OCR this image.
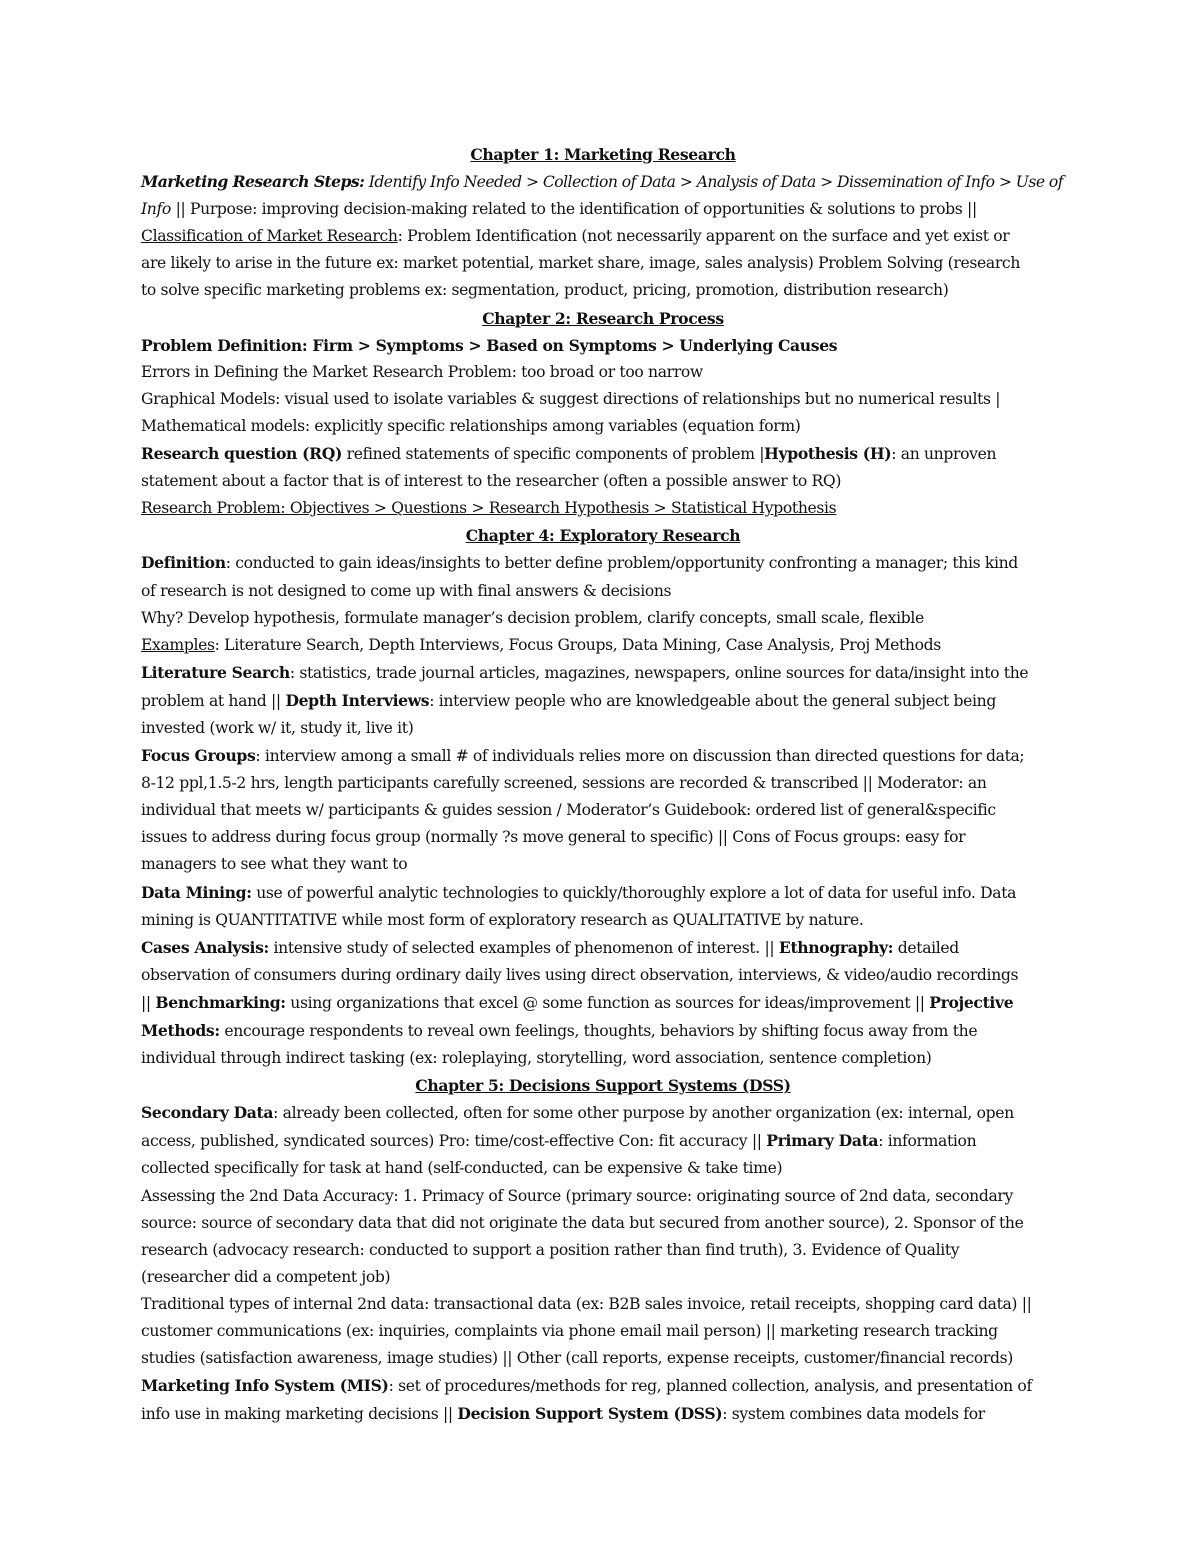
Chapter 1: Marketing Research
Marketing Research Steps: Identify Info Needed > Collection of Data > Analysis of Data > Dissemination of Info > Use of
Info || Purpose: improving decision-making related to the identification of opportunities & solutions to probs ||
Classification of Market Research: Problem Identification (not necessarily apparent on the surface and yet exist or
are likely to arise in the future ex: market potential, market share, image, sales analysis) Problem Solving (research
to solve specific marketing problems ex: segmentation, product, pricing, promotion, distribution research)
Chapter 2: Research Process
Problem Definition: Firm > Symptoms > Based on Symptoms > Underlying Causes
Errors in Defining the Market Research Problem: too broad or too narrow
Graphical Models: visual used to isolate variables & suggest directions of relationships but no numerical results |
Mathematical models: explicitly specific relationships among variables (equation form)
Research question (RQ) refined statements of specific components of problem |Hypothesis (H): an unproven
statement about a factor that is of interest to the researcher (often a possible answer to RQ)
Research Problem: Objectives > Questions > Research Hypothesis > Statistical Hypothesis
Chapter 4: Exploratory Research
Definition: conducted to gain ideas/insights to better define problem/opportunity confronting a manager; this kind
of research is not designed to come up with final answers & decisions
Why? Develop hypothesis, formulate manager’s decision problem, clarify concepts, small scale, flexible
Examples: Literature Search, Depth Interviews, Focus Groups, Data Mining, Case Analysis, Proj Methods
Literature Search: statistics, trade journal articles, magazines, newspapers, online sources for data/insight into the
problem at hand || Depth Interviews: interview people who are knowledgeable about the general subject being
invested (work w/ it, study it, live it)
Focus Groups: interview among a small # of individuals relies more on discussion than directed questions for data;
8-12 ppl,1.5-2 hrs, length participants carefully screened, sessions are recorded & transcribed || Moderator: an
individual that meets w/ participants & guides session / Moderator’s Guidebook: ordered list of general&specific
issues to address during focus group (normally ?s move general to specific) || Cons of Focus groups: easy for
managers to see what they want to
Data Mining: use of powerful analytic technologies to quickly/thoroughly explore a lot of data for useful info. Data
mining is QUANTITATIVE while most form of exploratory research as QUALITATIVE by nature.
Cases Analysis: intensive study of selected examples of phenomenon of interest. || Ethnography: detailed
observation of consumers during ordinary daily lives using direct observation, interviews, & video/audio recordings
|| Benchmarking: using organizations that excel @ some function as sources for ideas/improvement || Projective
Methods: encourage respondents to reveal own feelings, thoughts, behaviors by shifting focus away from the
individual through indirect tasking (ex: roleplaying, storytelling, word association, sentence completion)
Chapter 5: Decisions Support Systems (DSS)
Secondary Data: already been collected, often for some other purpose by another organization (ex: internal, open
access, published, syndicated sources) Pro: time/cost-effective Con: fit accuracy || Primary Data: information
collected specifically for task at hand (self-conducted, can be expensive & take time)
Assessing the 2nd Data Accuracy: 1. Primacy of Source (primary source: originating source of 2nd data, secondary
source: source of secondary data that did not originate the data but secured from another source), 2. Sponsor of the
research (advocacy research: conducted to support a position rather than find truth), 3. Evidence of Quality
(researcher did a competent job)
Traditional types of internal 2nd data: transactional data (ex: B2B sales invoice, retail receipts, shopping card data) ||
customer communications (ex: inquiries, complaints via phone email mail person) || marketing research tracking
studies (satisfaction awareness, image studies) || Other (call reports, expense receipts, customer/financial records)
Marketing Info System (MIS): set of procedures/methods for reg, planned collection, analysis, and presentation of
info use in making marketing decisions || Decision Support System (DSS): system combines data models for
